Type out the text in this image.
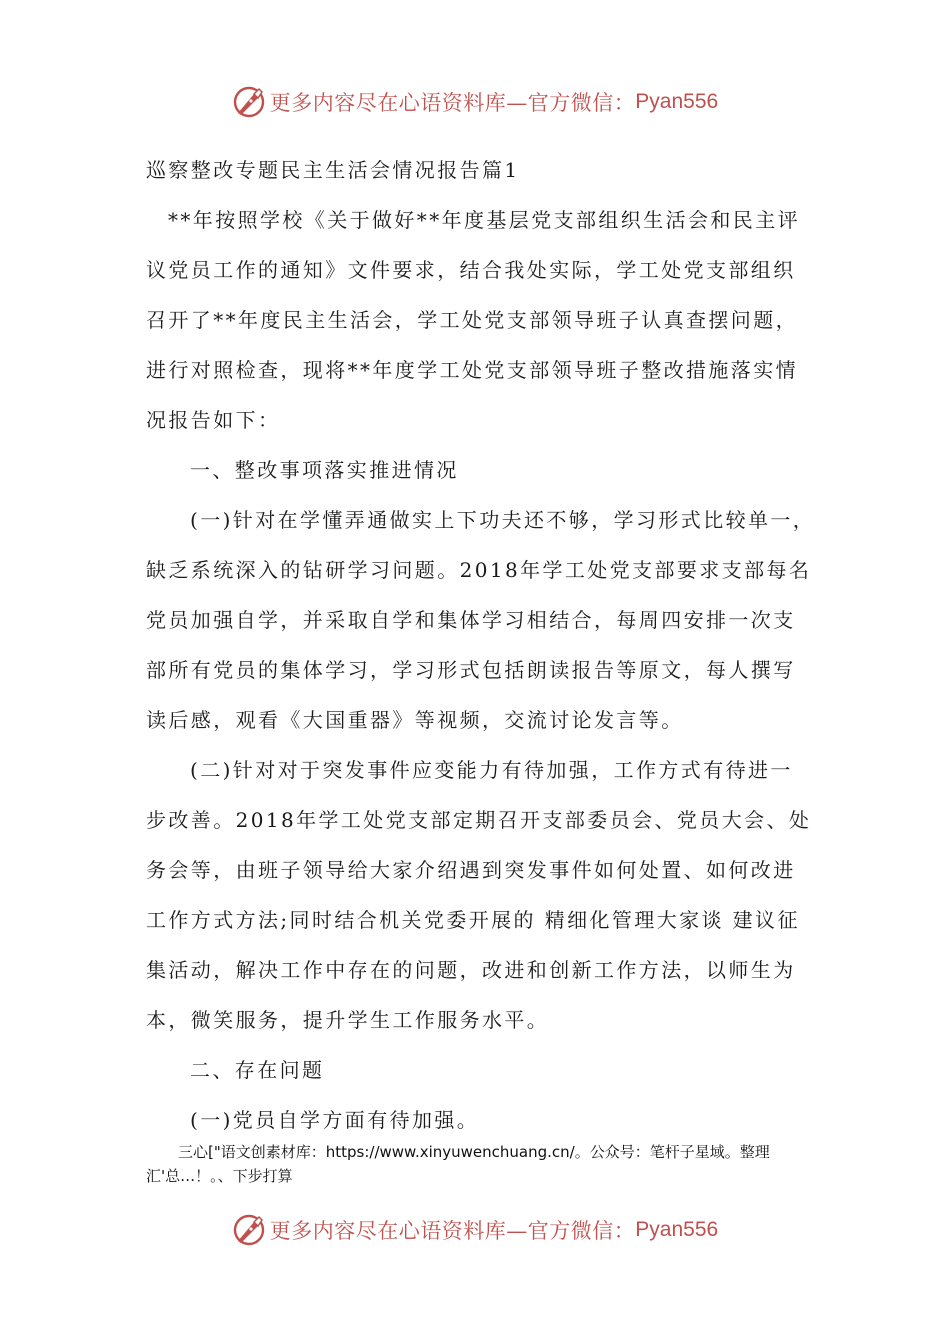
更多内容尽在心语资料库—官方微信： Pyan556
巡察整改专题民主生活会情况报告篇1
**年按照学校《关于做好**年度基层党支部组织生活会和民主评
议党员工作的通知》文件要求，结合我处实际，学工处党支部组织
召开了**年度民主生活会，学工处党支部领导班子认真查摆问题，
进行对照检查，现将**年度学工处党支部领导班子整改措施落实情
况报告如下：
一、整改事项落实推进情况
(一)针对在学懂弄通做实上下功夫还不够，学习形式比较单一，
缺乏系统深入的钻研学习问题。2018年学工处党支部要求支部每名
党员加强自学，并采取自学和集体学习相结合，每周四安排一次支
部所有党员的集体学习，学习形式包括朗读报告等原文，每人撰写
读后感，观看《大国重器》等视频，交流讨论发言等。
(二)针对对于突发事件应变能力有待加强，工作方式有待进一
步改善。2018年学工处党支部定期召开支部委员会、党员大会、处
务会等，由班子领导给大家介绍遇到突发事件如何处置、如何改进
工作方式方法;同时结合机关党委开展的 精细化管理大家谈 建议征
集活动，解决工作中存在的问题，改进和创新工作方法，以师生为
本，微笑服务，提升学生工作服务水平。
二、存在问题
(一)党员自学方面有待加强。
三心["语文创素材库：https://www.xinyuwenchuang.cn/。公众号：笔杆子星域。整理
汇'总…！。、下步打算
更多内容尽在心语资料库—官方微信： Pyan556
